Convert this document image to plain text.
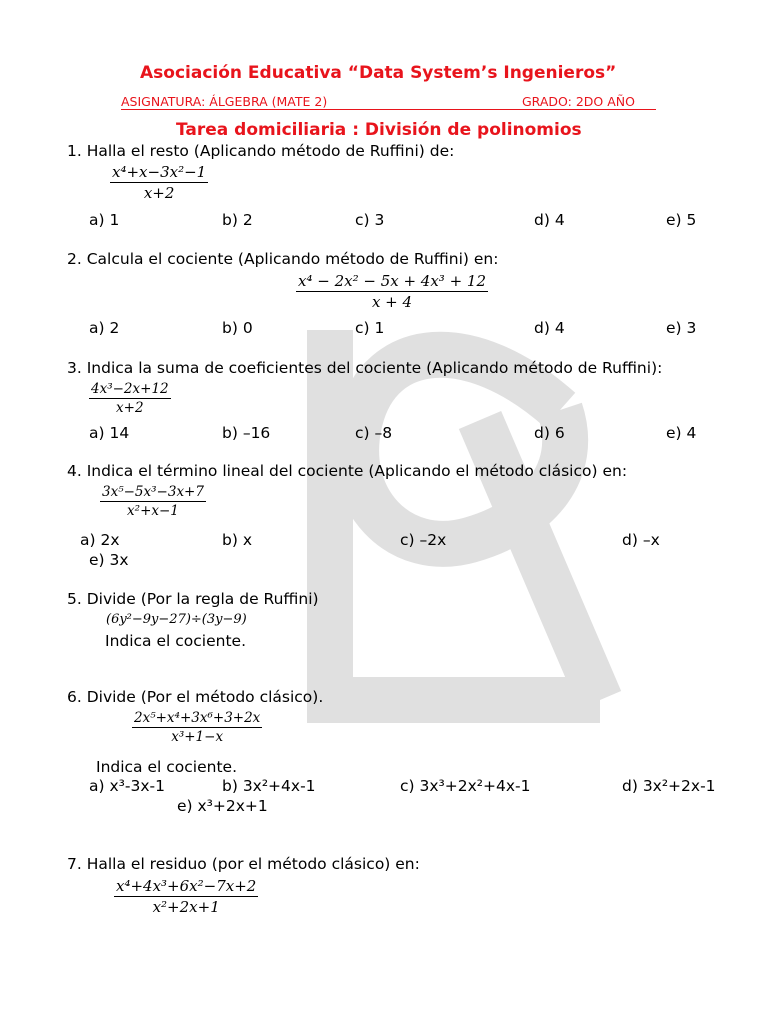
Asociación Educativa “Data System’s Ingenieros”
ASIGNATURA: ÁLGEBRA (MATE 2)	GRADO: 2DO AÑO
Tarea domiciliaria : División de polinomios
1. Halla el resto (Aplicando método de Ruffini) de:
$\frac{\text{x⁴+x−3x²−1}}{x+2}$
a) 1	b) 2	c) 3	d) 4	e) 5
2. Calcula el cociente (Aplicando método de Ruffini) en:
$\frac{\text{x⁴ − 2x² − 5x + 4x³ + 12}}{x + 4}$
a) 2	b) 0	c) 1	d) 4	e) 3
3. Indica la suma de coeficientes del cociente (Aplicando método de Ruffini):
$\frac{\text{4x³−2x+12}}{x+2}$
a) 14	b) –16	c) –8	d) 6	e) 4
4. Indica el término lineal del cociente (Aplicando el método clásico) en:
$\frac{\text{3x⁵−5x³−3x+7}}{\text{x²+x−1}}$
a) 2x	b) x	c) –2x	d) –x
e) 3x
5. Divide (Por la regla de Ruffini)
(6y²−9y−27)÷(3y−9)
Indica el cociente.
6. Divide (Por el método clásico).
$\frac{\text{2x⁵+x⁴+3x⁶+3+2x}}{\text{x³+1−x}}$
Indica el cociente.
a) x³-3x-1	b) 3x²+4x-1	c) 3x³+2x²+4x-1	d) 3x²+2x-1
e) x³+2x+1
7. Halla el residuo (por el método clásico) en:
$\frac{\text{x⁴+4x³+6x²−7x+2}}{\text{x²+2x+1}}$
